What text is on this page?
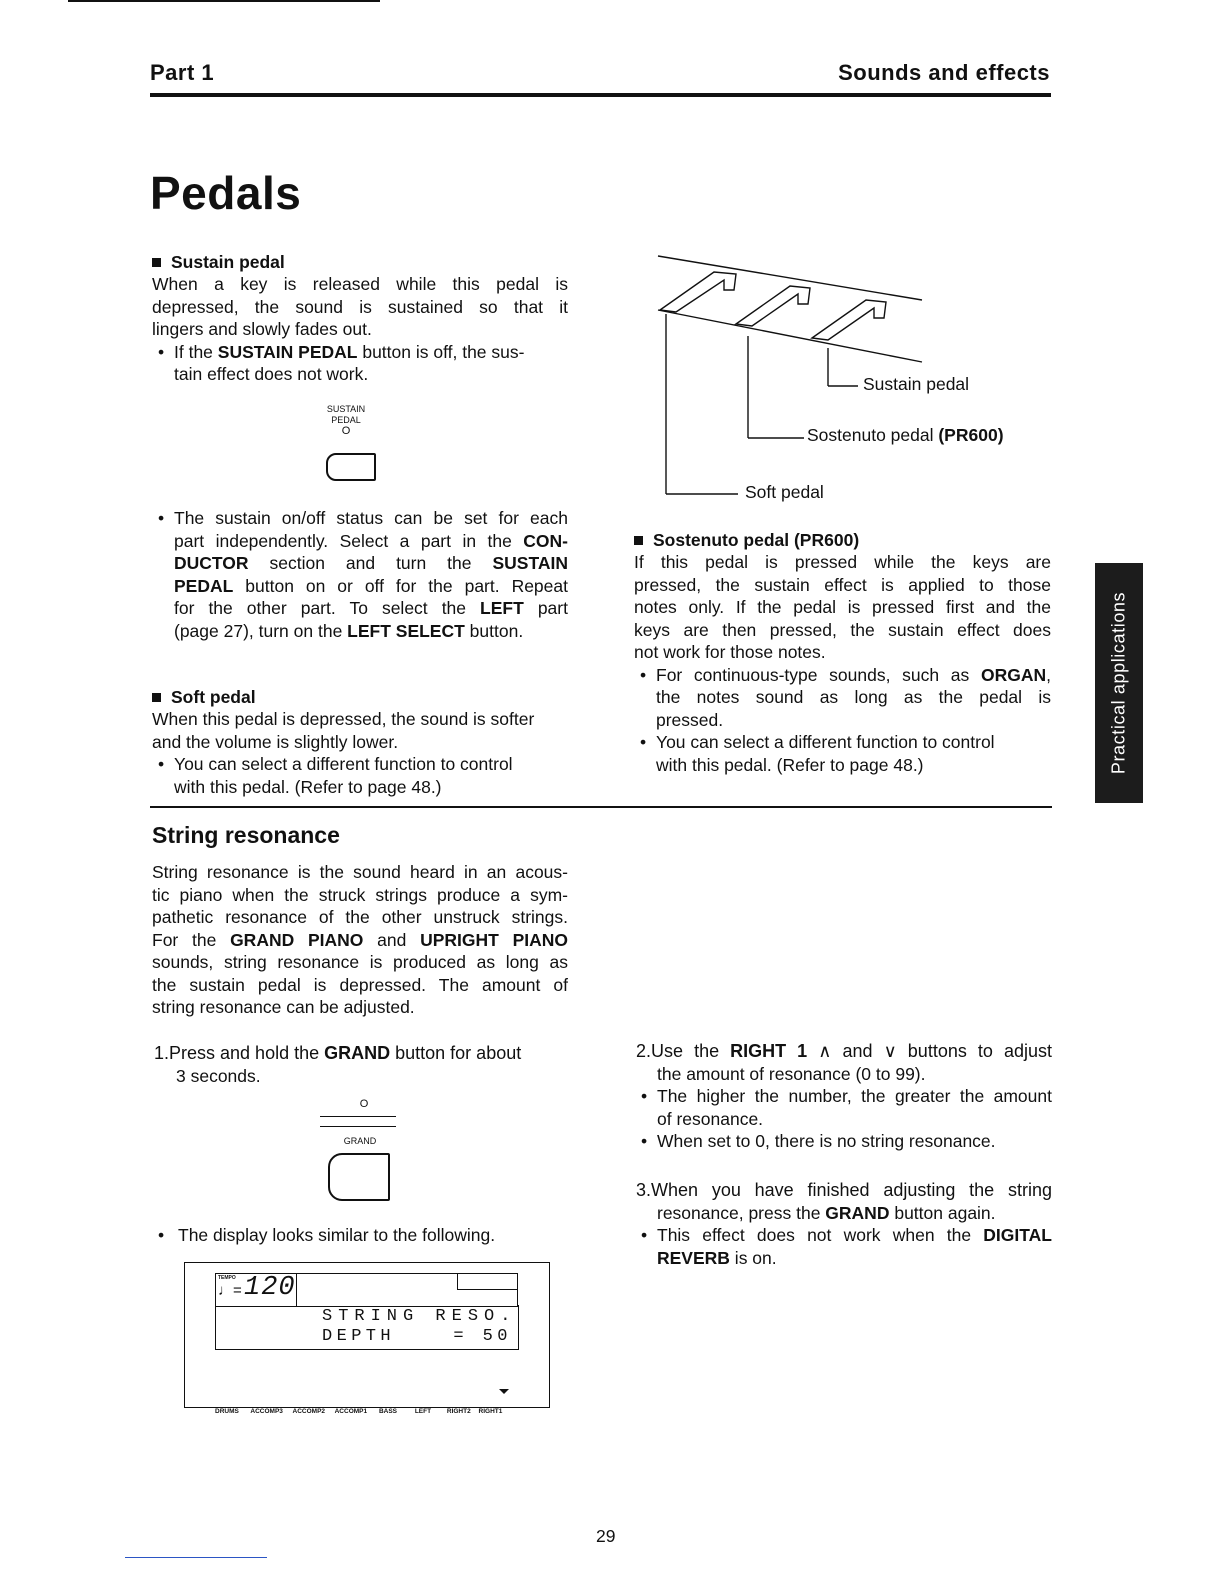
Part 1	Sounds and effects
Pedals
Sustain pedal
When a key is released while this pedal is
depressed, the sound is sustained so that it
lingers and slowly fades out.
• If the SUSTAIN PEDAL button is off, the sus-
tain effect does not work.
SUSTAIN
PEDAL
O
• The sustain on/off status can be set for each
part independently. Select a part in the CON-
DUCTOR section and turn the SUSTAIN
PEDAL button on or off for the part. Repeat
for the other part. To select the LEFT part
(page 27), turn on the LEFT SELECT button.
Soft pedal
When this pedal is depressed, the sound is softer
and the volume is slightly lower.
• You can select a different function to control
with this pedal. (Refer to page 48.)
Sustain pedal
Sostenuto pedal (PR600)
Soft pedal
Sostenuto pedal (PR600)
If this pedal is pressed while the keys are
pressed, the sustain effect is applied to those
notes only. If the pedal is pressed first and the
keys are then pressed, the sustain effect does
not work for those notes.
• For continuous-type sounds, such as ORGAN,
the notes sound as long as the pedal is
pressed.
• You can select a different function to control
with this pedal. (Refer to page 48.)	Practical applications
String resonance
String resonance is the sound heard in an acous-
tic piano when the struck strings produce a sym-
pathetic resonance of the other unstruck strings.
For the GRAND PIANO and UPRIGHT PIANO
sounds, string resonance is produced as long as
the sustain pedal is depressed. The amount of
string resonance can be adjusted.
1.Press and hold the GRAND button for about
3 seconds.
O
GRAND
• The display looks similar to the following.
TEMPO
♩= 120
STRING RESO.
DEPTH    = 50
DRUMS ACCOMP3 ACCOMP2 ACCOMP1 BASS	LEFT RIGHT2 RIGHT1
2.Use the RIGHT 1 ∧ and ∨ buttons to adjust
the amount of resonance (0 to 99).
• The higher the number, the greater the amount
of resonance.
• When set to 0, there is no string resonance.
3.When you have finished adjusting the string
resonance, press the GRAND button again.
• This effect does not work when the DIGITAL
REVERB is on.
29
